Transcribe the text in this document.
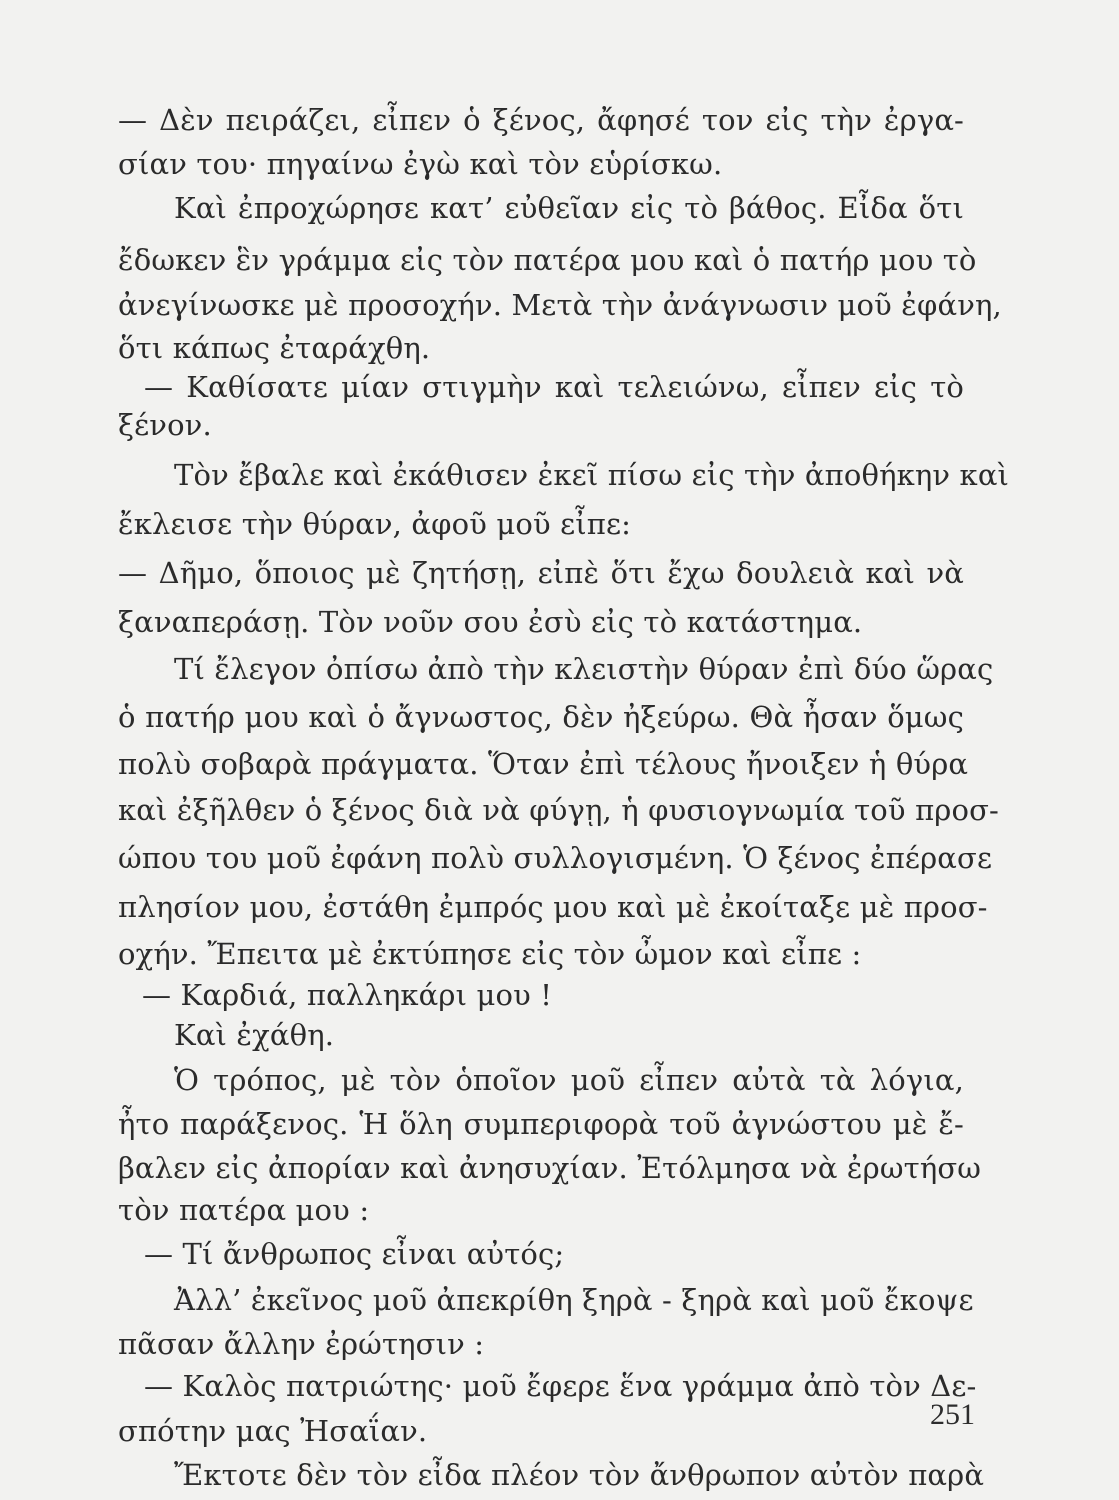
— Δὲν πειράζει, εἶπεν ὁ ξένος, ἄφησέ τον εἰς τὴν ἐργα-
σίαν του· πηγαίνω ἐγὼ καὶ τὸν εὑρίσκω.
Καὶ ἐπροχώρησε κατ’ εὐθεῖαν εἰς τὸ βάθος. Εἶδα ὅτι
ἔδωκεν ἓν γράμμα εἰς τὸν πατέρα μου καὶ ὁ πατήρ μου τὸ
ἀνεγίνωσκε μὲ προσοχήν. Μετὰ τὴν ἀνάγνωσιν μοῦ ἐφάνη,
ὅτι κάπως ἐταράχθη.
— Καθίσατε μίαν στιγμὴν καὶ τελειώνω, εἶπεν εἰς τὸ
ξένον.
Τὸν ἔβαλε καὶ ἐκάθισεν ἐκεῖ πίσω εἰς τὴν ἀποθήκην καὶ
ἔκλεισε τὴν θύραν, ἀφοῦ μοῦ εἶπε:
— Δῆμο, ὅποιος μὲ ζητήσῃ, εἰπὲ ὅτι ἔχω δουλειὰ καὶ νὰ
ξαναπεράσῃ. Τὸν νοῦν σου ἐσὺ εἰς τὸ κατάστημα.
Τί ἔλεγον ὀπίσω ἀπὸ τὴν κλειστὴν θύραν ἐπὶ δύο ὥρας
ὁ πατήρ μου καὶ ὁ ἄγνωστος, δὲν ἠξεύρω. Θὰ ἦσαν ὅμως
πολὺ σοβαρὰ πράγματα. Ὅταν ἐπὶ τέλους ἤνοιξεν ἡ θύρα
καὶ ἐξῆλθεν ὁ ξένος διὰ νὰ φύγῃ, ἡ φυσιογνωμία τοῦ προσ-
ώπου του μοῦ ἐφάνη πολὺ συλλογισμένη. Ὁ ξένος ἐπέρασε
πλησίον μου, ἐστάθη ἐμπρός μου καὶ μὲ ἐκοίταξε μὲ προσ-
οχήν. Ἔπειτα μὲ ἐκτύπησε εἰς τὸν ὦμον καὶ εἶπε :
— Καρδιά, παλληκάρι μου !
Καὶ ἐχάθη.
Ὁ τρόπος, μὲ τὸν ὁποῖον μοῦ εἶπεν αὐτὰ τὰ λόγια,
ἦτο παράξενος. Ἡ ὅλη συμπεριφορὰ τοῦ ἀγνώστου μὲ ἔ-
βαλεν εἰς ἀπορίαν καὶ ἀνησυχίαν. Ἐτόλμησα νὰ ἐρωτήσω
τὸν πατέρα μου :
— Τί ἄνθρωπος εἶναι αὐτός;
Ἀλλ’ ἐκεῖνος μοῦ ἀπεκρίθη ξηρὰ - ξηρὰ καὶ μοῦ ἔκοψε
πᾶσαν ἄλλην ἐρώτησιν :
— Καλὸς πατριώτης· μοῦ ἔφερε ἕνα γράμμα ἀπὸ τὸν Δε-
σπότην μας Ἠσαΐαν.
Ἔκτοτε δὲν τὸν εἶδα πλέον τὸν ἄνθρωπον αὐτὸν παρὰ
251
